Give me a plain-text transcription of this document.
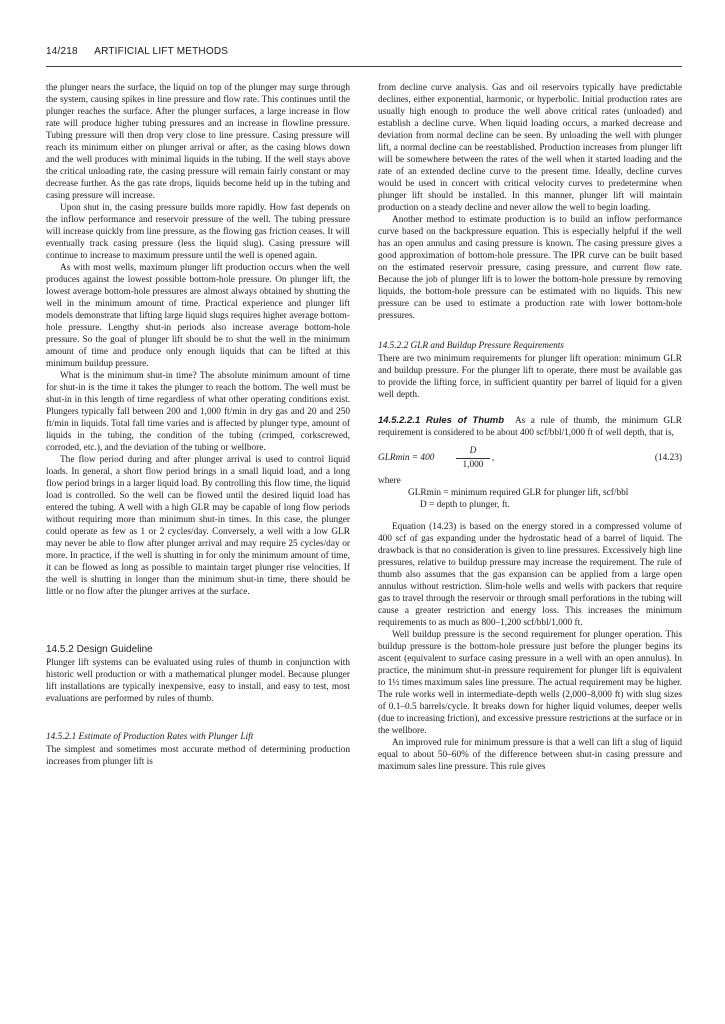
14/218 ARTIFICIAL LIFT METHODS

the plunger nears the surface, the liquid on top of the plunger may surge through the system, causing spikes in line pressure and flow rate. This continues until the plunger reaches the surface. After the plunger surfaces, a large increase in flow rate will produce higher tubing pressures and an increase in flowline pressure. Tubing pressure will then drop very close to line pressure. Casing pressure will reach its minimum either on plunger arrival or after, as the casing blows down and the well produces with minimal liquids in the tubing. If the well stays above the critical unloading rate, the casing pressure will remain fairly constant or may decrease further. As the gas rate drops, liquids become held up in the tubing and casing pressure will increase.

Upon shut in, the casing pressure builds more rapidly. How fast depends on the inflow performance and reservoir pressure of the well. The tubing pressure will increase quickly from line pressure, as the flowing gas friction ceases. It will eventually track casing pressure (less the liquid slug). Casing pressure will continue to increase to maximum pressure until the well is opened again.

As with most wells, maximum plunger lift production occurs when the well produces against the lowest possible bottom-hole pressure. On plunger lift, the lowest average bottom-hole pressures are almost always obtained by shutting the well in the minimum amount of time. Practical experience and plunger lift models demonstrate that lifting large liquid slugs requires higher average bottom-hole pressure. Lengthy shut-in periods also increase average bottom-hole pressure. So the goal of plunger lift should be to shut the well in the minimum amount of time and produce only enough liquids that can be lifted at this minimum buildup pressure.

What is the minimum shut-in time? The absolute minimum amount of time for shut-in is the time it takes the plunger to reach the bottom. The well must be shut-in in this length of time regardless of what other operating conditions exist. Plungers typically fall between 200 and 1,000 ft/min in dry gas and 20 and 250 ft/min in liquids. Total fall time varies and is affected by plunger type, amount of liquids in the tubing, the condition of the tubing (crimped, corkscrewed, corroded, etc.), and the deviation of the tubing or wellbore.

The flow period during and after plunger arrival is used to control liquid loads. In general, a short flow period brings in a small liquid load, and a long flow period brings in a larger liquid load. By controlling this flow time, the liquid load is controlled. So the well can be flowed until the desired liquid load has entered the tubing. A well with a high GLR may be capable of long flow periods without requiring more than minimum shut-in times. In this case, the plunger could operate as few as 1 or 2 cycles/day. Conversely, a well with a low GLR may never be able to flow after plunger arrival and may require 25 cycles/day or more. In practice, if the well is shutting in for only the minimum amount of time, it can be flowed as long as possible to maintain target plunger rise velocities. If the well is shutting in longer than the minimum shut-in time, there should be little or no flow after the plunger arrives at the surface.

14.5.2 Design Guideline

Plunger lift systems can be evaluated using rules of thumb in conjunction with historic well production or with a mathematical plunger model. Because plunger lift installations are typically inexpensive, easy to install, and easy to test, most evaluations are performed by rules of thumb.

14.5.2.1 Estimate of Production Rates with Plunger Lift

The simplest and sometimes most accurate method of determining production increases from plunger lift is

from decline curve analysis. Gas and oil reservoirs typically have predictable declines, either exponential, harmonic, or hyperbolic. Initial production rates are usually high enough to produce the well above critical rates (unloaded) and establish a decline curve. When liquid loading occurs, a marked decrease and deviation from normal decline can be seen. By unloading the well with plunger lift, a normal decline can be reestablished. Production increases from plunger lift will be somewhere between the rates of the well when it started loading and the rate of an extended decline curve to the present time. Ideally, decline curves would be used in concert with critical velocity curves to predetermine when plunger lift should be installed. In this manner, plunger lift will maintain production on a steady decline and never allow the well to begin loading.

Another method to estimate production is to build an inflow performance curve based on the backpressure equation. This is especially helpful if the well has an open annulus and casing pressure is known. The casing pressure gives a good approximation of bottom-hole pressure. The IPR curve can be built based on the estimated reservoir pressure, casing pressure, and current flow rate. Because the job of plunger lift is to lower the bottom-hole pressure by removing liquids, the bottom-hole pressure can be estimated with no liquids. This new pressure can be used to estimate a production rate with lower bottom-hole pressures.

14.5.2.2 GLR and Buildup Pressure Requirements

There are two minimum requirements for plunger lift operation: minimum GLR and buildup pressure. For the plunger lift to operate, there must be available gas to provide the lifting force, in sufficient quantity per barrel of liquid for a given well depth.

14.5.2.2.1 Rules of Thumb As a rule of thumb, the minimum GLR requirement is considered to be about 400 scf/bbl/1,000 ft of well depth, that is,

$GLRmin = 400 \frac{D}{1,000}$ ,	(14.23)
where
GLRmin = minimum required GLR for plunger lift, scf/bbl
D = depth to plunger, ft.

Equation (14.23) is based on the energy stored in a compressed volume of 400 scf of gas expanding under the hydrostatic head of a barrel of liquid. The drawback is that no consideration is given to line pressures. Excessively high line pressures, relative to buildup pressure may increase the requirement. The rule of thumb also assumes that the gas expansion can be applied from a large open annulus without restriction. Slim-hole wells and wells with packers that require gas to travel through the reservoir or through small perforations in the tubing will cause a greater restriction and energy loss. This increases the minimum requirements to as much as 800–1,200 scf/bbl/1,000 ft.

Well buildup pressure is the second requirement for plunger operation. This buildup pressure is the bottom-hole pressure just before the plunger begins its ascent (equivalent to surface casing pressure in a well with an open annulus). In practice, the minimum shut-in pressure requirement for plunger lift is equivalent to 1½ times maximum sales line pressure. The actual requirement may be higher. The rule works well in intermediate-depth wells (2,000–8,000 ft) with slug sizes of 0.1–0.5 barrels/cycle. It breaks down for higher liquid volumes, deeper wells (due to increasing friction), and excessive pressure restrictions at the surface or in the wellbore.

An improved rule for minimum pressure is that a well can lift a slug of liquid equal to about 50–60% of the difference between shut-in casing pressure and maximum sales line pressure. This rule gives
